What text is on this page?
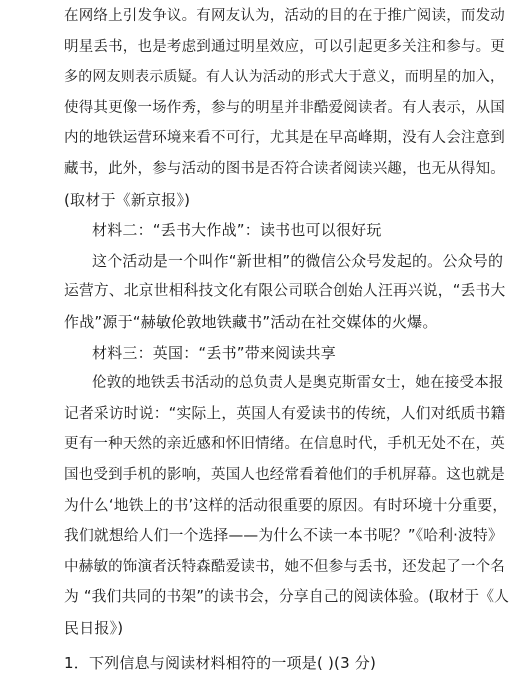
在网络上引发争议。有网友认为，活动的目的在于推广阅读，而发动
明星丢书，也是考虑到通过明星效应，可以引起更多关注和参与。更
多的网友则表示质疑。有人认为活动的形式大于意义，而明星的加入，
使得其更像一场作秀，参与的明星并非酷爱阅读者。有人表示，从国
内的地铁运营环境来看不可行，尤其是在早高峰期，没有人会注意到
藏书，此外，参与活动的图书是否符合读者阅读兴趣，也无从得知。
(取材于《新京报》)
材料二：“丢书大作战”：读书也可以很好玩
这个活动是一个叫作“新世相”的微信公众号发起的。公众号的
运营方、北京世相科技文化有限公司联合创始人汪再兴说，“丢书大
作战”源于“赫敏伦敦地铁藏书”活动在社交媒体的火爆。
材料三：英国：“丢书”带来阅读共享
伦敦的地铁丢书活动的总负责人是奥克斯雷女士，她在接受本报
记者采访时说：“实际上，英国人有爱读书的传统，人们对纸质书籍
更有一种天然的亲近感和怀旧情绪。在信息时代，手机无处不在，英
国也受到手机的影响，英国人也经常看着他们的手机屏幕。这也就是
为什么‘地铁上的书’这样的活动很重要的原因。有时环境十分重要，
我们就想给人们一个选择——为什么不读一本书呢？”《哈利·波特》
中赫敏的饰演者沃特森酷爱读书，她不但参与丢书，还发起了一个名
为 “我们共同的书架”的读书会，分享自己的阅读体验。(取材于《人
民日报》)
1．下列信息与阅读材料相符的一项是( )(3 分)
